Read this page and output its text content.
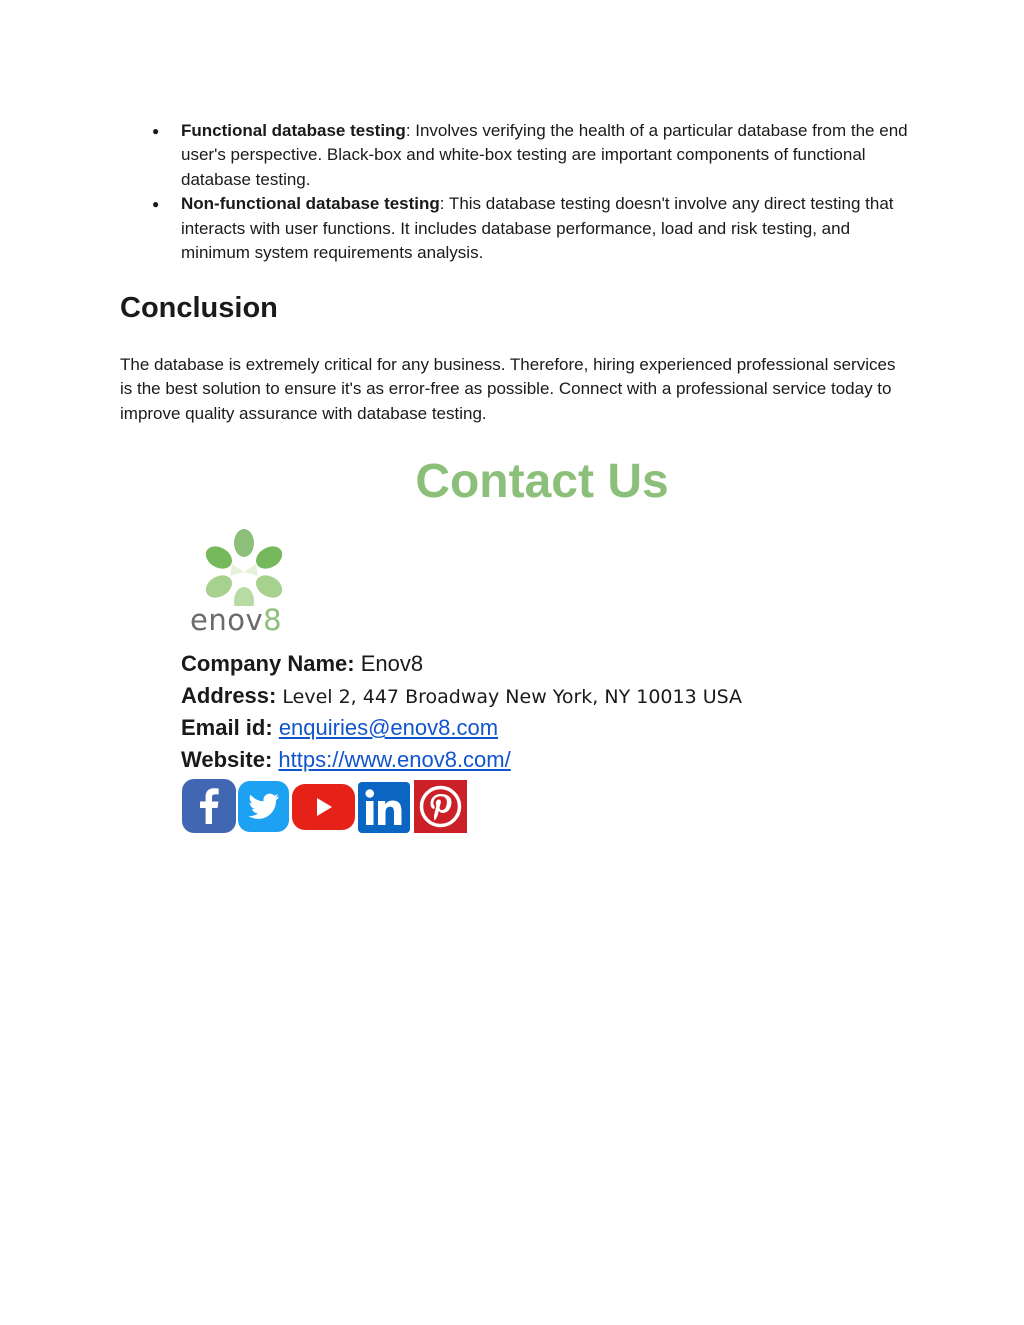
● Functional database testing: Involves verifying the health of a particular database from the end user's perspective. Black-box and white-box testing are important components of functional database testing.
● Non-functional database testing: This database testing doesn't involve any direct testing that interacts with user functions. It includes database performance, load and risk testing, and minimum system requirements analysis.
Conclusion

The database is extremely critical for any business. Therefore, hiring experienced professional services is the best solution to ensure it's as error-free as possible. Connect with a professional service today to improve quality assurance with database testing.

Contact Us
enov8
Company Name: Enov8
Address: Level 2, 447 Broadway New York, NY 10013 USA
Email id: enquiries@enov8.com
Website: https://www.enov8.com/
